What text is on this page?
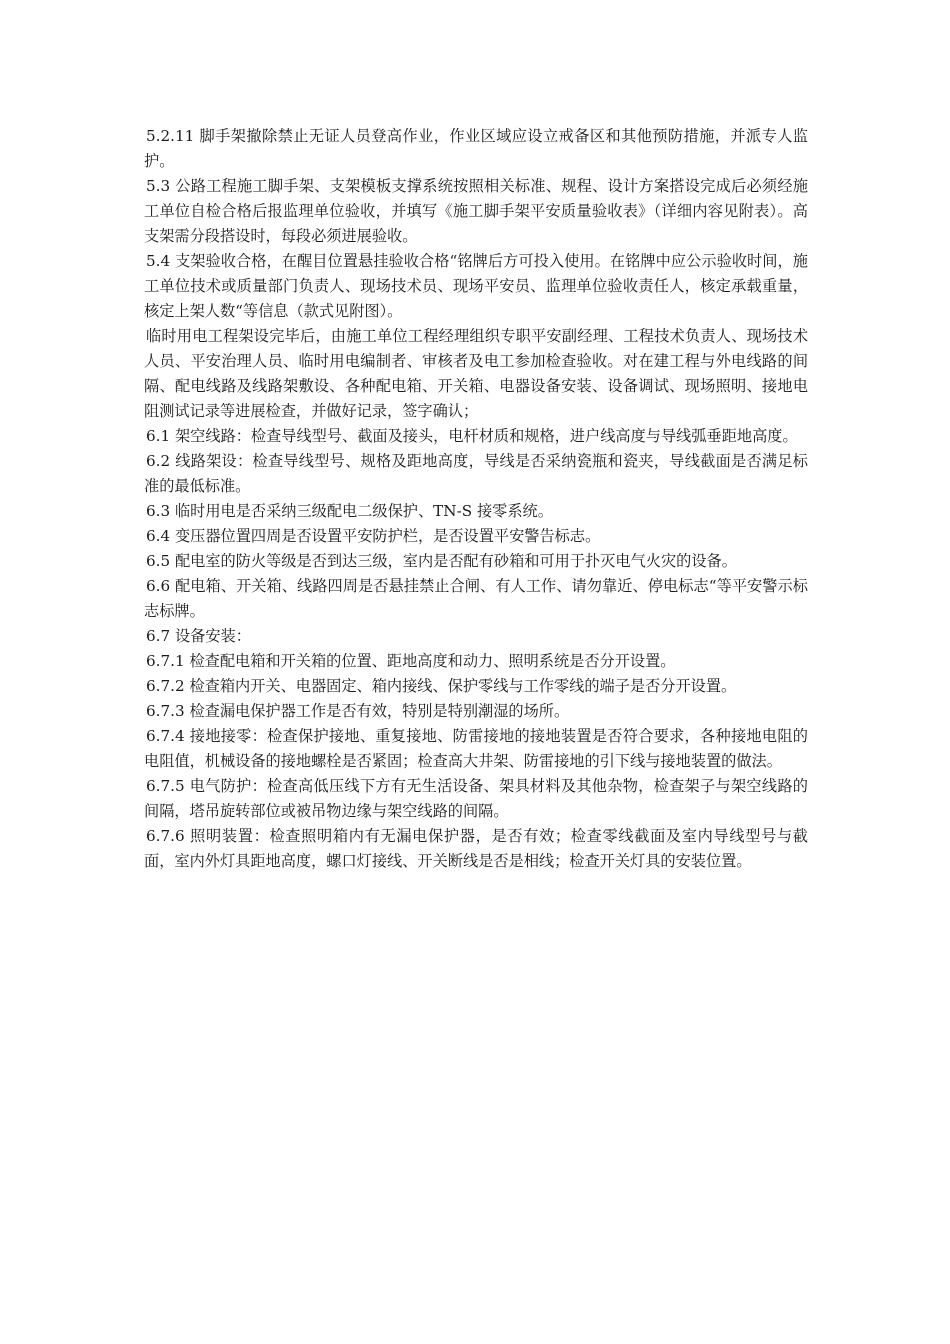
5.2.11 脚手架撤除禁止无证人员登高作业，作业区域应设立戒备区和其他预防措施，并派专人监护。

5.3 公路工程施工脚手架、支架模板支撑系统按照相关标准、规程、设计方案搭设完成后必须经施工单位自检合格后报监理单位验收，并填写《施工脚手架平安质量验收表》（详细内容见附表）。高支架需分段搭设时，每段必须进展验收。

5.4 支架验收合格，在醒目位置悬挂验收合格“铭牌后方可投入使用。在铭牌中应公示验收时间，施工单位技术或质量部门负责人、现场技术员、现场平安员、监理单位验收责任人，核定承载重量，核定上架人数“等信息（款式见附图）。

临时用电工程架设完毕后，由施工单位工程经理组织专职平安副经理、工程技术负责人、现场技术人员、平安治理人员、临时用电编制者、审核者及电工参加检查验收。对在建工程与外电线路的间隔、配电线路及线路架敷设、各种配电箱、开关箱、电器设备安装、设备调试、现场照明、接地电阻测试记录等进展检查，并做好记录，签字确认；

6.1 架空线路：检查导线型号、截面及接头，电杆材质和规格，进户线高度与导线弧垂距地高度。

6.2 线路架设：检查导线型号、规格及距地高度，导线是否采纳瓷瓶和瓷夹，导线截面是否满足标准的最低标准。

6.3 临时用电是否采纳三级配电二级保护、TN-S 接零系统。

6.4 变压器位置四周是否设置平安防护栏，是否设置平安警告标志。

6.5 配电室的防火等级是否到达三级，室内是否配有砂箱和可用于扑灭电气火灾的设备。

6.6 配电箱、开关箱、线路四周是否悬挂禁止合闸、有人工作、请勿靠近、停电标志“等平安警示标志标牌。

6.7 设备安装：

6.7.1 检查配电箱和开关箱的位置、距地高度和动力、照明系统是否分开设置。

6.7.2 检查箱内开关、电器固定、箱内接线、保护零线与工作零线的端子是否分开设置。

6.7.3 检查漏电保护器工作是否有效，特别是特别潮湿的场所。

6.7.4 接地接零：检查保护接地、重复接地、防雷接地的接地装置是否符合要求，各种接地电阻的电阻值，机械设备的接地螺栓是否紧固；检查高大井架、防雷接地的引下线与接地装置的做法。

6.7.5 电气防护：检查高低压线下方有无生活设备、架具材料及其他杂物，检查架子与架空线路的间隔，塔吊旋转部位或被吊物边缘与架空线路的间隔。

6.7.6 照明装置：检查照明箱内有无漏电保护器，是否有效；检查零线截面及室内导线型号与截面，室内外灯具距地高度，螺口灯接线、开关断线是否是相线；检查开关灯具的安装位置。
